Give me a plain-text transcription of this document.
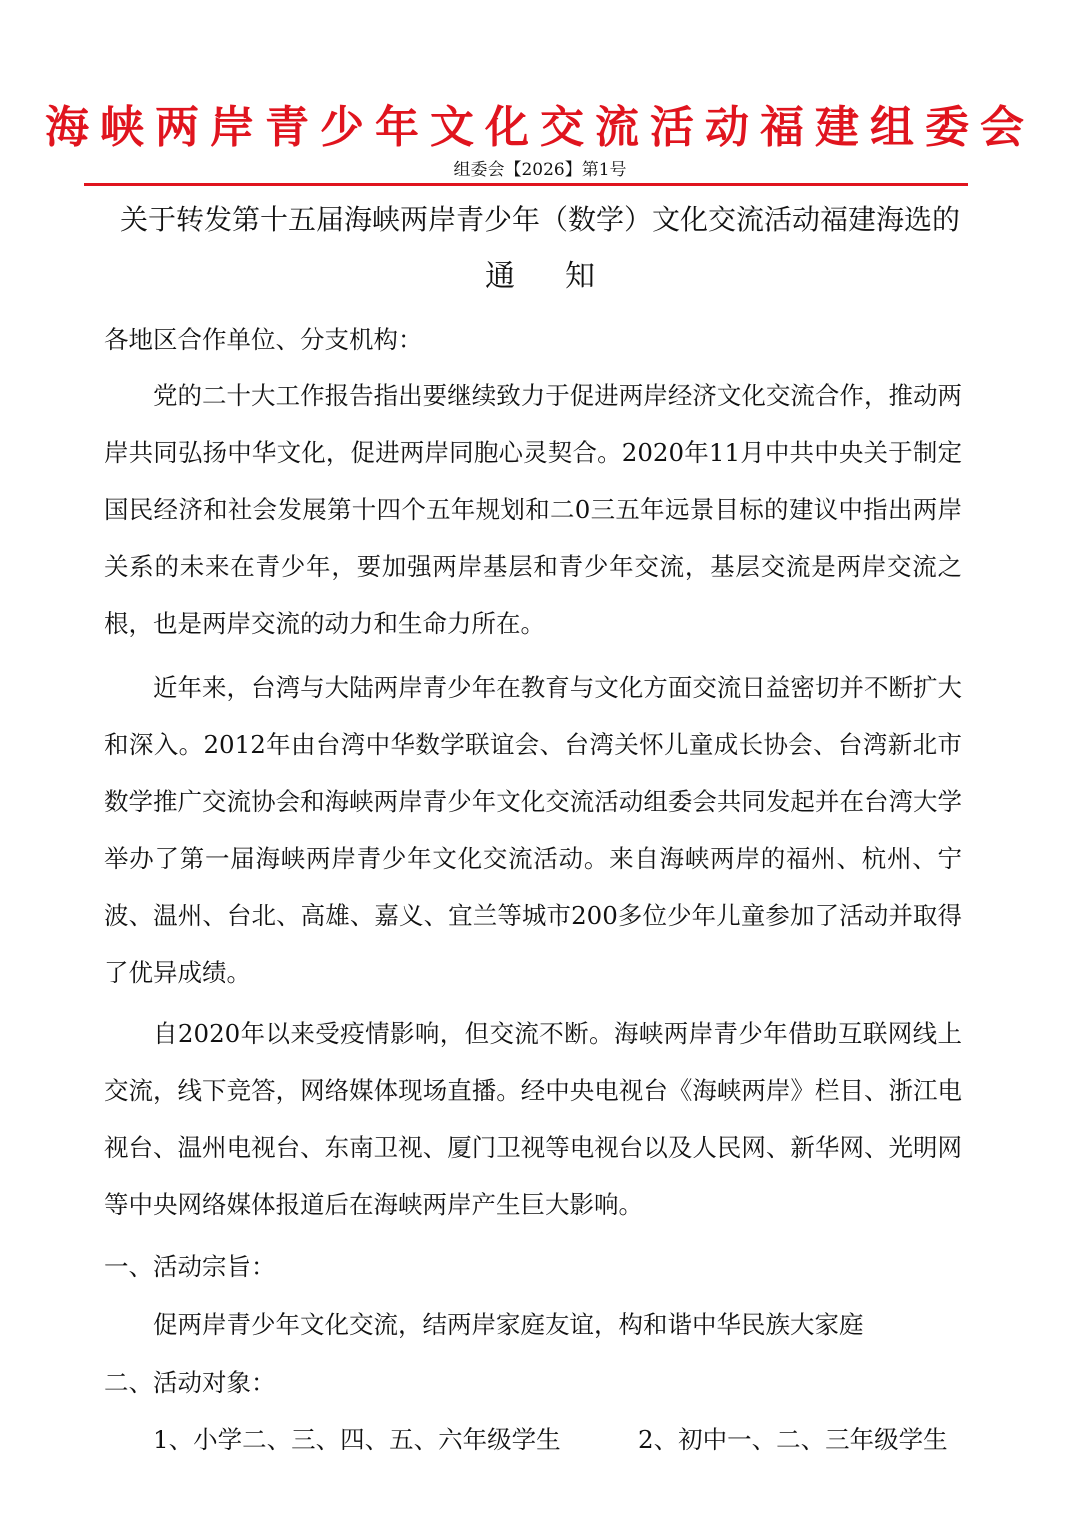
海峡两岸青少年文化交流活动福建组委会
组委会【2026】第1号
关于转发第十五届海峡两岸青少年（数学）文化交流活动福建海选的
通知
各地区合作单位、分支机构：
党的二十大工作报告指出要继续致力于促进两岸经济文化交流合作，推动两岸共同弘扬中华文化，促进两岸同胞心灵契合。2020年11月中共中央关于制定国民经济和社会发展第十四个五年规划和二0三五年远景目标的建议中指出两岸关系的未来在青少年，要加强两岸基层和青少年交流，基层交流是两岸交流之根，也是两岸交流的动力和生命力所在。
近年来，台湾与大陆两岸青少年在教育与文化方面交流日益密切并不断扩大和深入。2012年由台湾中华数学联谊会、台湾关怀儿童成长协会、台湾新北市数学推广交流协会和海峡两岸青少年文化交流活动组委会共同发起并在台湾大学举办了第一届海峡两岸青少年文化交流活动。来自海峡两岸的福州、杭州、宁波、温州、台北、高雄、嘉义、宜兰等城市200多位少年儿童参加了活动并取得了优异成绩。
自2020年以来受疫情影响，但交流不断。海峡两岸青少年借助互联网线上交流，线下竞答，网络媒体现场直播。经中央电视台《海峡两岸》栏目、浙江电视台、温州电视台、东南卫视、厦门卫视等电视台以及人民网、新华网、光明网等中央网络媒体报道后在海峡两岸产生巨大影响。
一、活动宗旨：
促两岸青少年文化交流，结两岸家庭友谊，构和谐中华民族大家庭
二、活动对象：
1、小学二、三、四、五、六年级学生	2、初中一、二、三年级学生
